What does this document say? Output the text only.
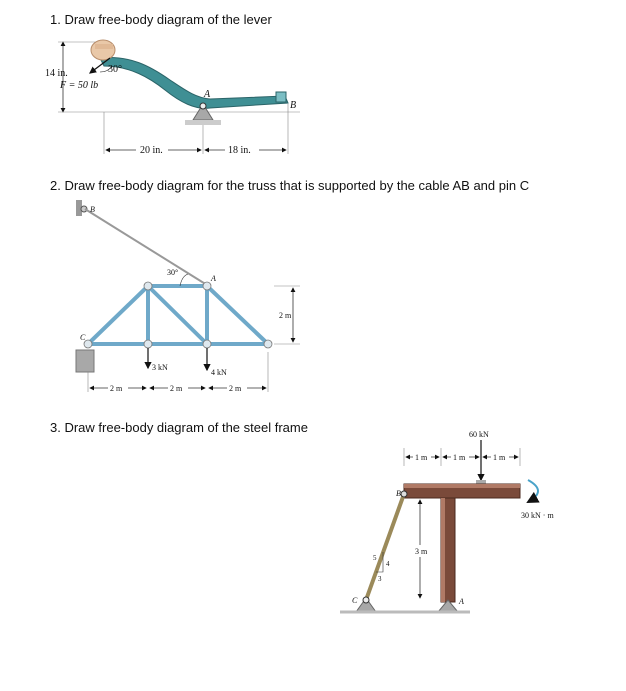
1. Draw free-body diagram of the lever
2. Draw free-body diagram for the truss that is supported by the cable AB and pin C
3. Draw free-body diagram of the steel frame
14 in.	30°
F = 50 lb
A
B
20 in.	18 in.
B
30°
A
C
2 m
3 kN
4 kN
2 m	2 m	2 m
60 kN
1 m	1 m	1 m
B
30 kN · m
5
4
3
3 m
C	A
